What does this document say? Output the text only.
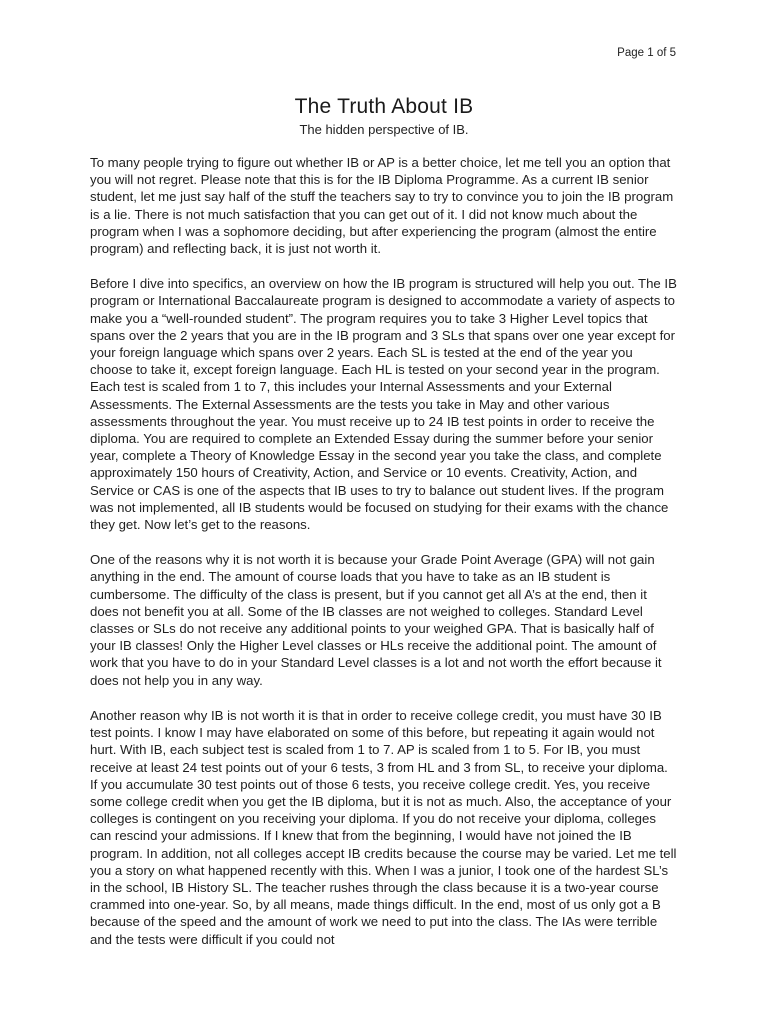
Page 1 of 5
The Truth About IB

The hidden perspective of IB.

To many people trying to figure out whether IB or AP is a better choice, let me tell you an option that you will not regret. Please note that this is for the IB Diploma Programme. As a current IB senior student, let me just say half of the stuff the teachers say to try to convince you to join the IB program is a lie. There is not much satisfaction that you can get out of it. I did not know much about the program when I was a sophomore deciding, but after experiencing the program (almost the entire program) and reflecting back, it is just not worth it.

Before I dive into specifics, an overview on how the IB program is structured will help you out. The IB program or International Baccalaureate program is designed to accommodate a variety of aspects to make you a “well-rounded student”. The program requires you to take 3 Higher Level topics that spans over the 2 years that you are in the IB program and 3 SLs that spans over one year except for your foreign language which spans over 2 years. Each SL is tested at the end of the year you choose to take it, except foreign language. Each HL is tested on your second year in the program. Each test is scaled from 1 to 7, this includes your Internal Assessments and your External Assessments. The External Assessments are the tests you take in May and other various assessments throughout the year. You must receive up to 24 IB test points in order to receive the diploma. You are required to complete an Extended Essay during the summer before your senior year, complete a Theory of Knowledge Essay in the second year you take the class, and complete approximately 150 hours of Creativity, Action, and Service or 10 events. Creativity, Action, and Service or CAS is one of the aspects that IB uses to try to balance out student lives. If the program was not implemented, all IB students would be focused on studying for their exams with the chance they get. Now let’s get to the reasons.

One of the reasons why it is not worth it is because your Grade Point Average (GPA) will not gain anything in the end. The amount of course loads that you have to take as an IB student is cumbersome. The difficulty of the class is present, but if you cannot get all A’s at the end, then it does not benefit you at all. Some of the IB classes are not weighed to colleges. Standard Level classes or SLs do not receive any additional points to your weighed GPA. That is basically half of your IB classes! Only the Higher Level classes or HLs receive the additional point. The amount of work that you have to do in your Standard Level classes is a lot and not worth the effort because it does not help you in any way.

Another reason why IB is not worth it is that in order to receive college credit, you must have 30 IB test points. I know I may have elaborated on some of this before, but repeating it again would not hurt. With IB, each subject test is scaled from 1 to 7. AP is scaled from 1 to 5. For IB, you must receive at least 24 test points out of your 6 tests, 3 from HL and 3 from SL, to receive your diploma. If you accumulate 30 test points out of those 6 tests, you receive college credit. Yes, you receive some college credit when you get the IB diploma, but it is not as much. Also, the acceptance of your colleges is contingent on you receiving your diploma. If you do not receive your diploma, colleges can rescind your admissions. If I knew that from the beginning, I would have not joined the IB program. In addition, not all colleges accept IB credits because the course may be varied. Let me tell you a story on what happened recently with this. When I was a junior, I took one of the hardest SL’s in the school, IB History SL. The teacher rushes through the class because it is a two-year course crammed into one-year. So, by all means, made things difficult. In the end, most of us only got a B because of the speed and the amount of work we need to put into the class. The IAs were terrible and the tests were difficult if you could not
